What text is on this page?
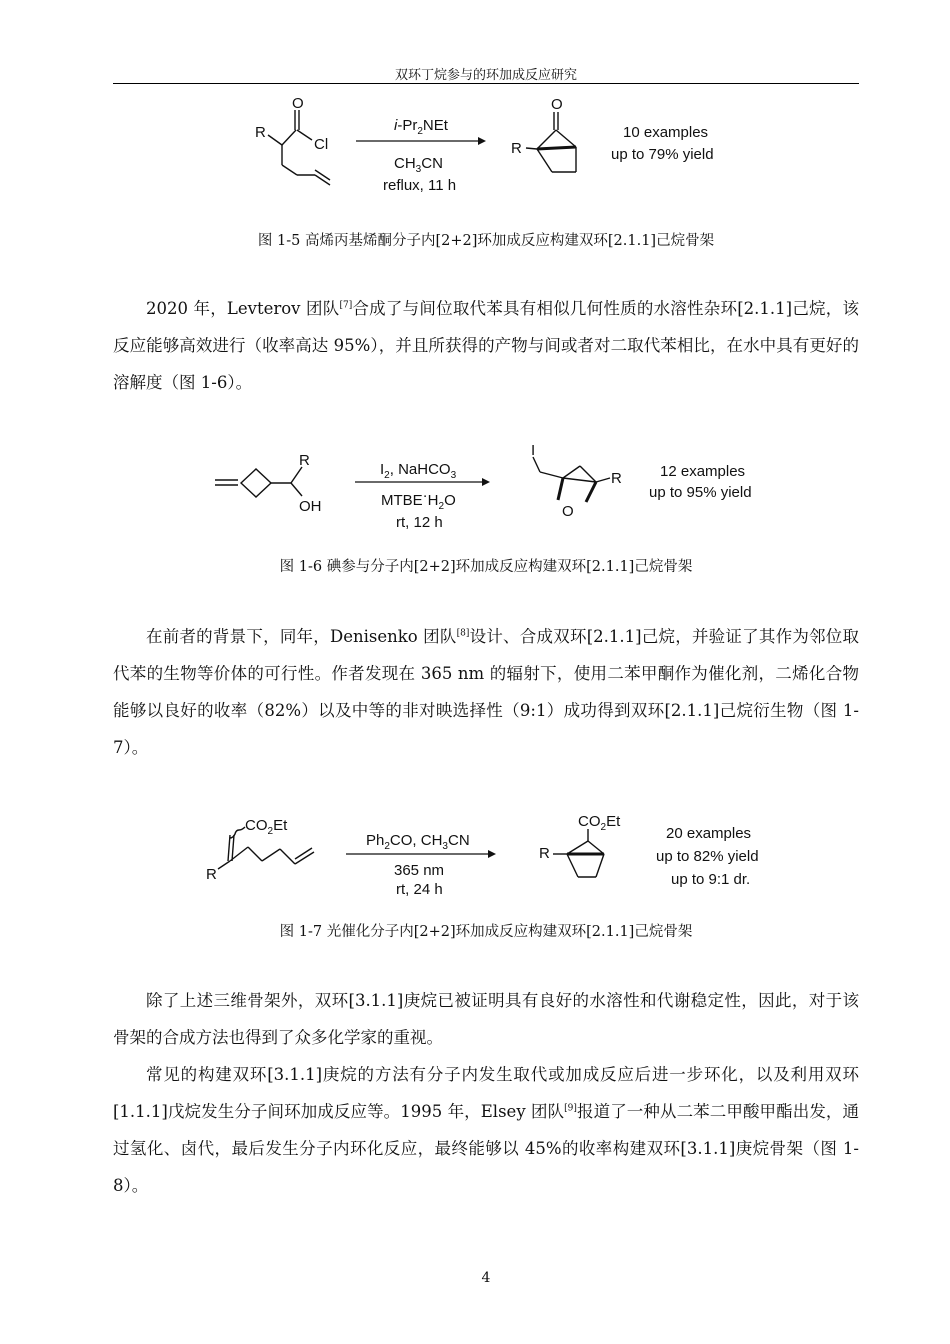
双环丁烷参与的环加成反应研究
R
O
Cl
$i-Pr_2NEt$
$CH_3CN$
reflux, 11 h
O
R
10 examples
up to 79% yield
图 1-5 高烯丙基烯酮分子内[2+2]环加成反应构建双环[2.1.1]己烷骨架

2020 年，Levterov 团队[7]合成了与间位取代苯具有相似几何性质的水溶性杂环[2.1.1]己烷，该反应能够高效进行（收率高达 95%），并且所获得的产物与间或者对二取代苯相比，在水中具有更好的溶解度（图 1-6）。

R
OH
$I_2$, NaHCO$_3$
$MTBE\cdot H_2O$
rt, 12 h
I
R
O
12 examples
up to 95% yield
图 1-6 碘参与分子内[2+2]环加成反应构建双环[2.1.1]己烷骨架

在前者的背景下，同年，Denisenko 团队[8]设计、合成双环[2.1.1]己烷，并验证了其作为邻位取代苯的生物等价体的可行性。作者发现在 365 nm 的辐射下，使用二苯甲酮作为催化剂，二烯化合物能够以良好的收率（82%）以及中等的非对映选择性（9:1）成功得到双环[2.1.1]己烷衍生物（图 1-7）。

$CO_2Et$
R
$Ph_2CO$, $CH_3CN$
365 nm
rt, 24 h
$CO_2Et$
R
20 examples
up to 82% yield
up to 9:1 dr.
图 1-7 光催化分子内[2+2]环加成反应构建双环[2.1.1]己烷骨架

除了上述三维骨架外，双环[3.1.1]庚烷已被证明具有良好的水溶性和代谢稳定性，因此，对于该骨架的合成方法也得到了众多化学家的重视。

常见的构建双环[3.1.1]庚烷的方法有分子内发生取代或加成反应后进一步环化，以及利用双环[1.1.1]戊烷发生分子间环加成反应等。1995 年，Elsey 团队[9]报道了一种从二苯二甲酸甲酯出发，通过氢化、卤代，最后发生分子内环化反应，最终能够以 45%的收率构建双环[3.1.1]庚烷骨架（图 1-8）。

4
